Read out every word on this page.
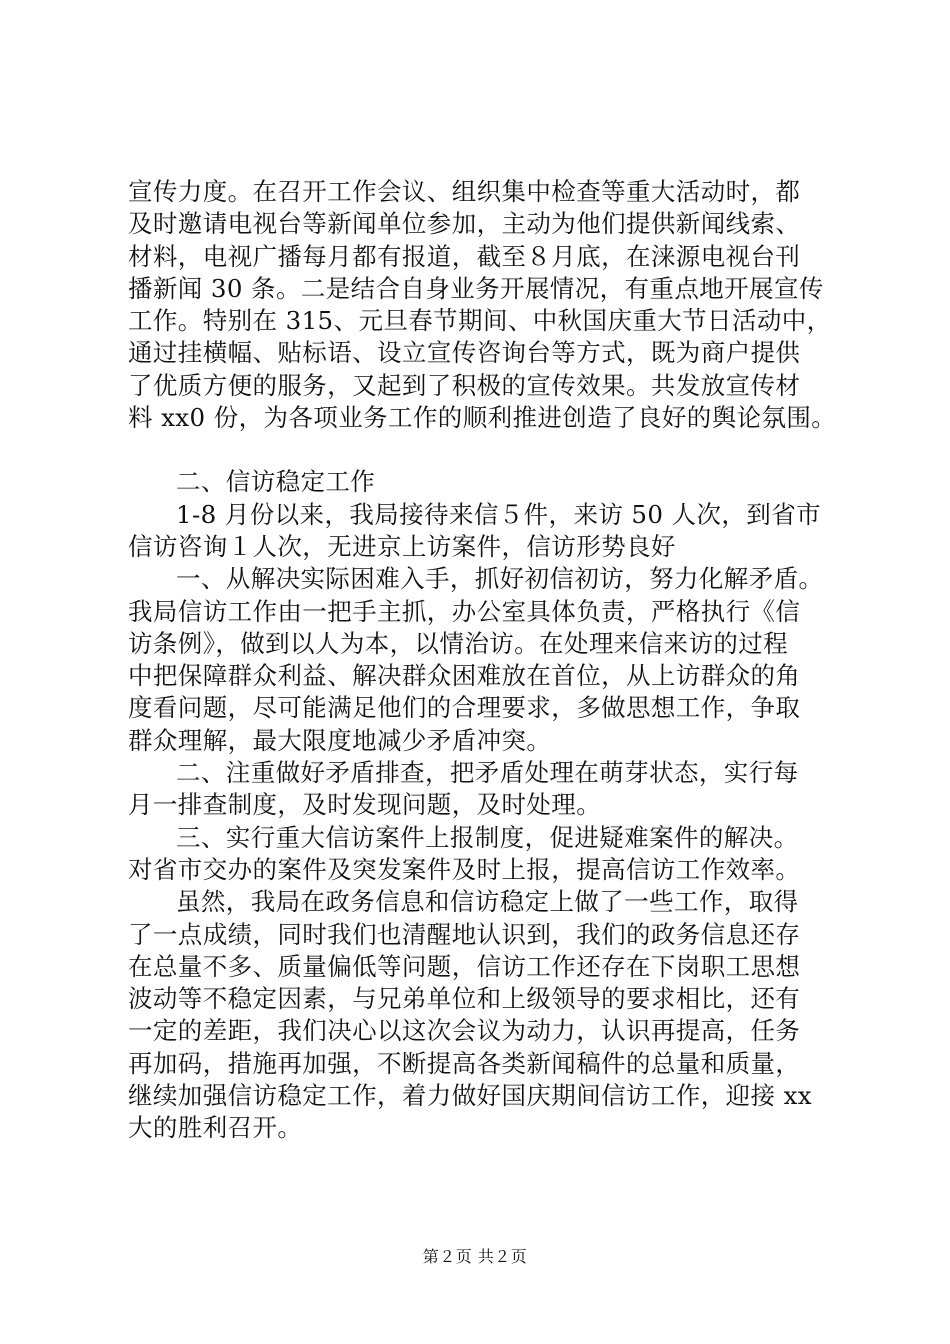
宣传力度。在召开工作会议、组织集中检查等重大活动时，都
及时邀请电视台等新闻单位参加，主动为他们提供新闻线索、
材料，电视广播每月都有报道，截至８月底，在涞源电视台刊
播新闻 30 条。二是结合自身业务开展情况，有重点地开展宣传
工作。特别在 315、元旦春节期间、中秋国庆重大节日活动中，
通过挂横幅、贴标语、设立宣传咨询台等方式，既为商户提供
了优质方便的服务，又起到了积极的宣传效果。共发放宣传材
料 xx0 份，为各项业务工作的顺利推进创造了良好的舆论氛围。
二、信访稳定工作
1-8 月份以来，我局接待来信５件，来访 50 人次，到省市
信访咨询１人次，无进京上访案件，信访形势良好
一、从解决实际困难入手，抓好初信初访，努力化解矛盾。
我局信访工作由一把手主抓，办公室具体负责，严格执行《信
访条例》，做到以人为本，以情治访。在处理来信来访的过程
中把保障群众利益、解决群众困难放在首位，从上访群众的角
度看问题，尽可能满足他们的合理要求，多做思想工作，争取
群众理解，最大限度地减少矛盾冲突。
二、注重做好矛盾排查，把矛盾处理在萌芽状态，实行每
月一排查制度，及时发现问题，及时处理。
三、实行重大信访案件上报制度，促进疑难案件的解决。
对省市交办的案件及突发案件及时上报，提高信访工作效率。
虽然，我局在政务信息和信访稳定上做了一些工作，取得
了一点成绩，同时我们也清醒地认识到，我们的政务信息还存
在总量不多、质量偏低等问题，信访工作还存在下岗职工思想
波动等不稳定因素，与兄弟单位和上级领导的要求相比，还有
一定的差距，我们决心以这次会议为动力，认识再提高，任务
再加码，措施再加强，不断提高各类新闻稿件的总量和质量，
继续加强信访稳定工作，着力做好国庆期间信访工作，迎接 xx
大的胜利召开。
第２页 共２页
